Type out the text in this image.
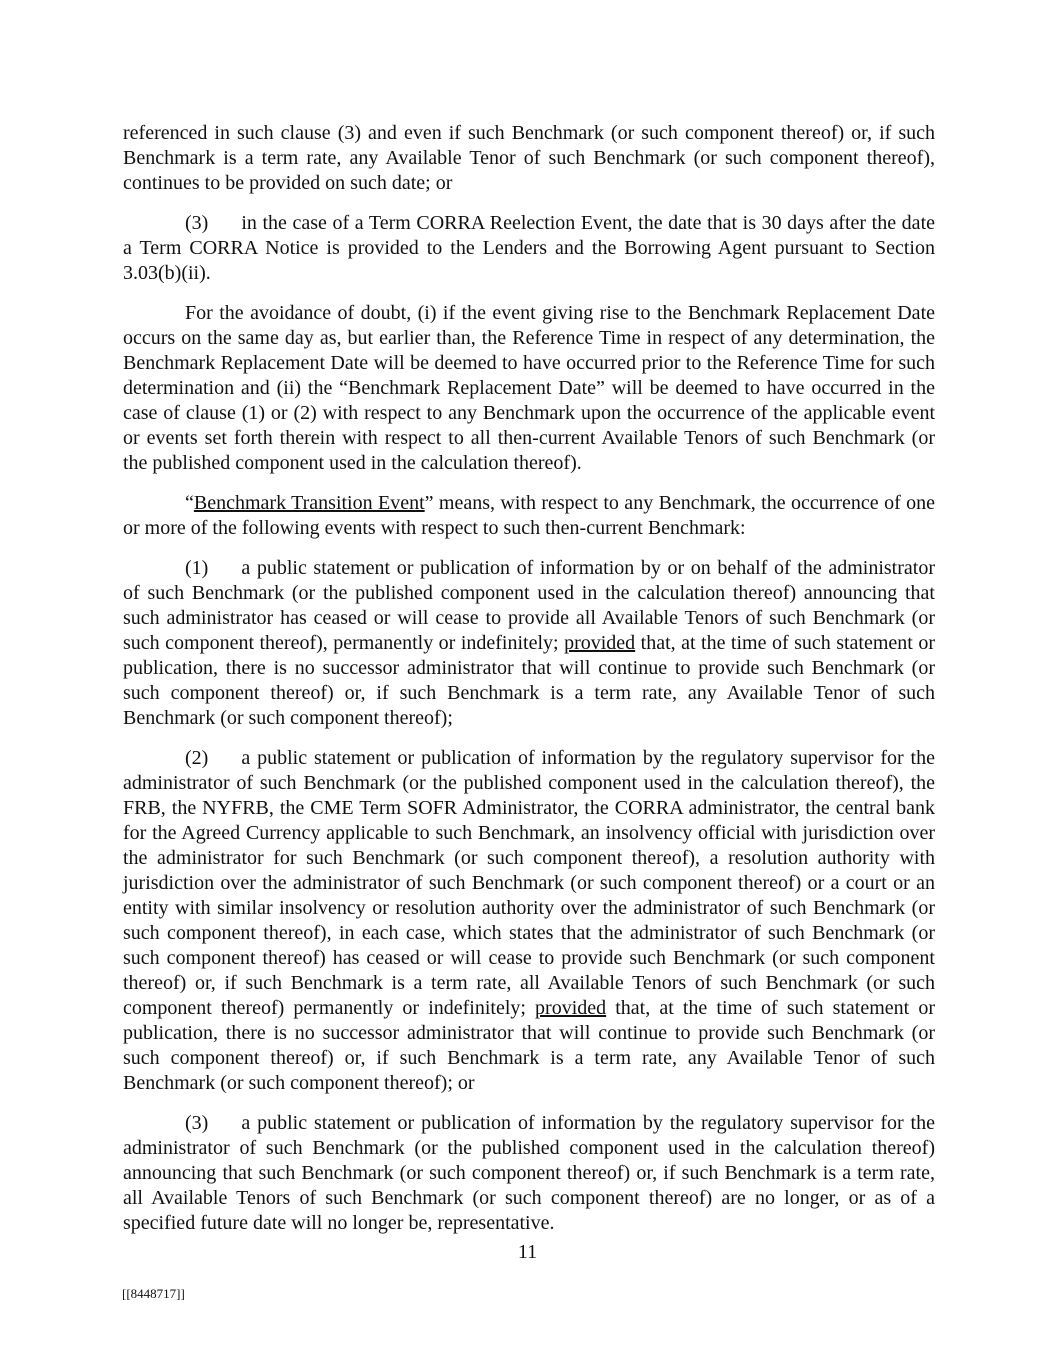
referenced in such clause (3) and even if such Benchmark (or such component thereof) or, if such Benchmark is a term rate, any Available Tenor of such Benchmark (or such component thereof), continues to be provided on such date; or
(3) in the case of a Term CORRA Reelection Event, the date that is 30 days after the date a Term CORRA Notice is provided to the Lenders and the Borrowing Agent pursuant to Section 3.03(b)(ii).
For the avoidance of doubt, (i) if the event giving rise to the Benchmark Replacement Date occurs on the same day as, but earlier than, the Reference Time in respect of any determination, the Benchmark Replacement Date will be deemed to have occurred prior to the Reference Time for such determination and (ii) the “Benchmark Replacement Date” will be deemed to have occurred in the case of clause (1) or (2) with respect to any Benchmark upon the occurrence of the applicable event or events set forth therein with respect to all then-current Available Tenors of such Benchmark (or the published component used in the calculation thereof).
“Benchmark Transition Event” means, with respect to any Benchmark, the occurrence of one or more of the following events with respect to such then-current Benchmark:
(1) a public statement or publication of information by or on behalf of the administrator of such Benchmark (or the published component used in the calculation thereof) announcing that such administrator has ceased or will cease to provide all Available Tenors of such Benchmark (or such component thereof), permanently or indefinitely; provided that, at the time of such statement or publication, there is no successor administrator that will continue to provide such Benchmark (or such component thereof) or, if such Benchmark is a term rate, any Available Tenor of such Benchmark (or such component thereof);
(2) a public statement or publication of information by the regulatory supervisor for the administrator of such Benchmark (or the published component used in the calculation thereof), the FRB, the NYFRB, the CME Term SOFR Administrator, the CORRA administrator, the central bank for the Agreed Currency applicable to such Benchmark, an insolvency official with jurisdiction over the administrator for such Benchmark (or such component thereof), a resolution authority with jurisdiction over the administrator of such Benchmark (or such component thereof) or a court or an entity with similar insolvency or resolution authority over the administrator of such Benchmark (or such component thereof), in each case, which states that the administrator of such Benchmark (or such component thereof) has ceased or will cease to provide such Benchmark (or such component thereof) or, if such Benchmark is a term rate, all Available Tenors of such Benchmark (or such component thereof) permanently or indefinitely; provided that, at the time of such statement or publication, there is no successor administrator that will continue to provide such Benchmark (or such component thereof) or, if such Benchmark is a term rate, any Available Tenor of such Benchmark (or such component thereof); or
(3) a public statement or publication of information by the regulatory supervisor for the administrator of such Benchmark (or the published component used in the calculation thereof) announcing that such Benchmark (or such component thereof) or, if such Benchmark is a term rate, all Available Tenors of such Benchmark (or such component thereof) are no longer, or as of a specified future date will no longer be, representative.
11
[[8448717]]
